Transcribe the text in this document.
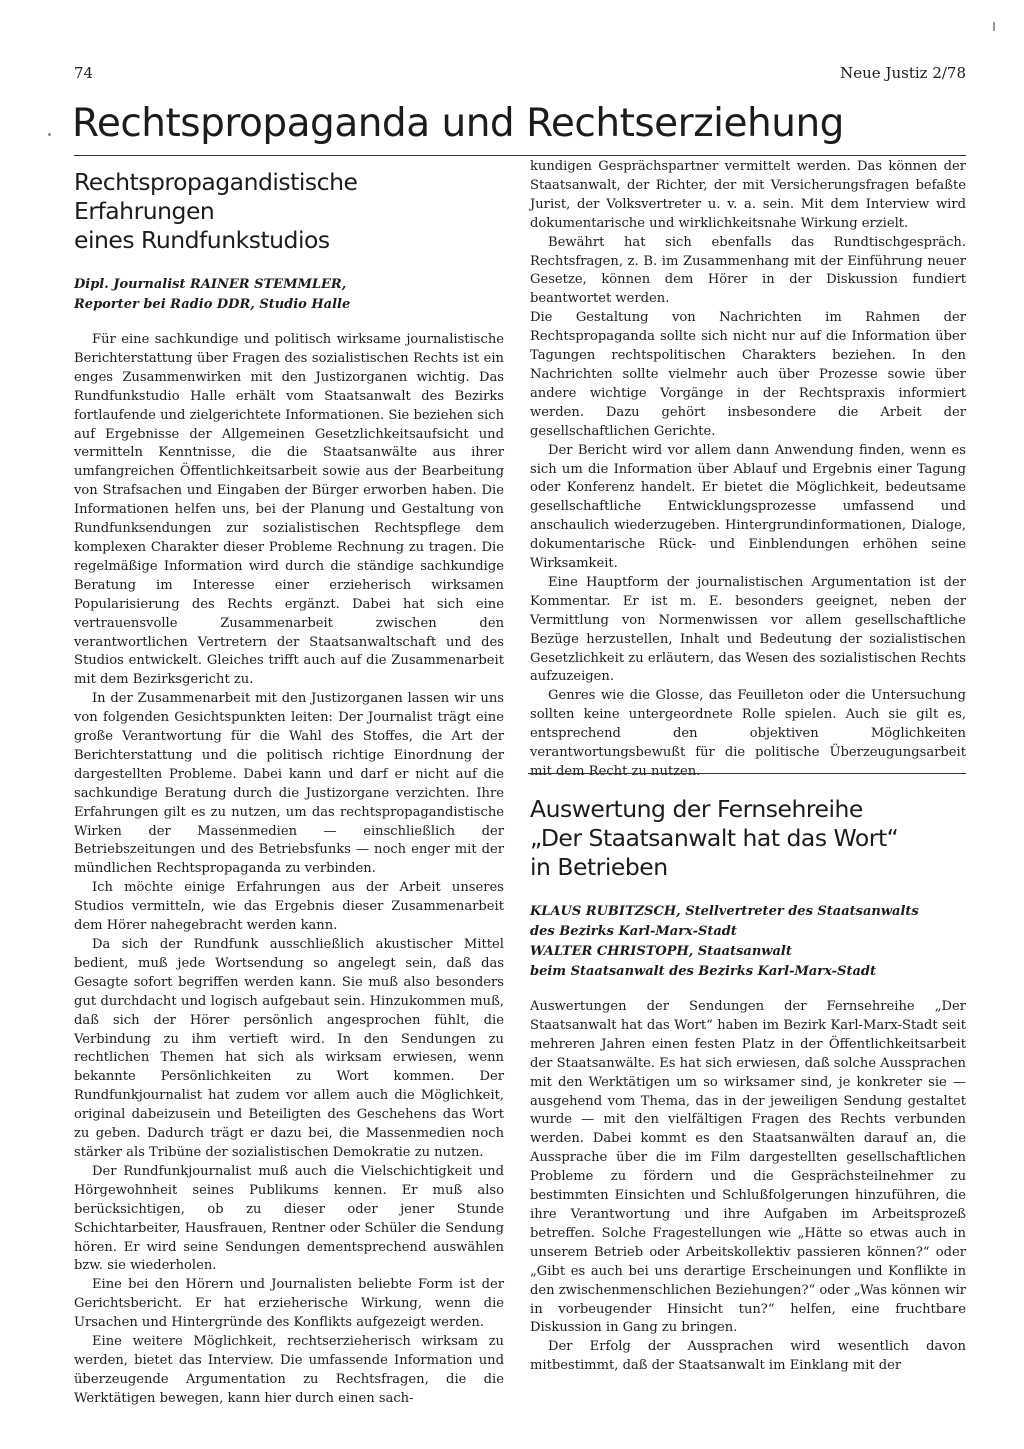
74	Neue Justiz 2/78
Rechtspropaganda und Rechtserziehung
Rechtspropagandistische Erfahrungen
eines Rundfunkstudios
Dipl. Journalist RAINER STEMMLER,
Reporter bei Radio DDR, Studio Halle

Für eine sachkundige und politisch wirksame journalistische Berichterstattung über Fragen des sozialistischen Rechts ist ein enges Zusammenwirken mit den Justizorganen wichtig. Das Rundfunkstudio Halle erhält vom Staatsanwalt des Bezirks fortlaufende und zielgerichtete Informationen. Sie beziehen sich auf Ergebnisse der Allgemeinen Gesetzlichkeitsaufsicht und vermitteln Kenntnisse, die die Staatsanwälte aus ihrer umfangreichen Öffentlichkeitsarbeit sowie aus der Bearbeitung von Strafsachen und Eingaben der Bürger erworben haben. Die Informationen helfen uns, bei der Planung und Gestaltung von Rundfunksendungen zur sozialistischen Rechtspflege dem komplexen Charakter dieser Probleme Rechnung zu tragen. Die regelmäßige Information wird durch die ständige sachkundige Beratung im Interesse einer erzieherisch wirksamen Popularisierung des Rechts ergänzt. Dabei hat sich eine vertrauensvolle Zusammenarbeit zwischen den verantwortlichen Vertretern der Staatsanwaltschaft und des Studios entwickelt. Gleiches trifft auch auf die Zusammenarbeit mit dem Bezirksgericht zu.

In der Zusammenarbeit mit den Justizorganen lassen wir uns von folgenden Gesichtspunkten leiten: Der Journalist trägt eine große Verantwortung für die Wahl des Stoffes, die Art der Berichterstattung und die politisch richtige Einordnung der dargestellten Probleme. Dabei kann und darf er nicht auf die sachkundige Beratung durch die Justizorgane verzichten. Ihre Erfahrungen gilt es zu nutzen, um das rechtspropagandistische Wirken der Massenmedien — einschließlich der Betriebszeitungen und des Betriebsfunks — noch enger mit der mündlichen Rechtspropaganda zu verbinden.

Ich möchte einige Erfahrungen aus der Arbeit unseres Studios vermitteln, wie das Ergebnis dieser Zusammenarbeit dem Hörer nahegebracht werden kann.

Da sich der Rundfunk ausschließlich akustischer Mittel bedient, muß jede Wortsendung so angelegt sein, daß das Gesagte sofort begriffen werden kann. Sie muß also besonders gut durchdacht und logisch aufgebaut sein. Hinzukommen muß, daß sich der Hörer persönlich angesprochen fühlt, die Verbindung zu ihm vertieft wird. In den Sendungen zu rechtlichen Themen hat sich als wirksam erwiesen, wenn bekannte Persönlichkeiten zu Wort kommen. Der Rundfunkjournalist hat zudem vor allem auch die Möglichkeit, original dabeizusein und Beteiligten des Geschehens das Wort zu geben. Dadurch trägt er dazu bei, die Massenmedien noch stärker als Tribüne der sozialistischen Demokratie zu nutzen.

Der Rundfunkjournalist muß auch die Vielschichtigkeit und Hörgewohnheit seines Publikums kennen. Er muß also berücksichtigen, ob zu dieser oder jener Stunde Schichtarbeiter, Hausfrauen, Rentner oder Schüler die Sendung hören. Er wird seine Sendungen dementsprechend auswählen bzw. sie wiederholen.

Eine bei den Hörern und Journalisten beliebte Form ist der Gerichtsbericht. Er hat erzieherische Wirkung, wenn die Ursachen und Hintergründe des Konflikts aufgezeigt werden.

Eine weitere Möglichkeit, rechtserzieherisch wirksam zu werden, bietet das Interview. Die umfassende Information und überzeugende Argumentation zu Rechtsfragen, die die Werktätigen bewegen, kann hier durch einen sach-

kundigen Gesprächspartner vermittelt werden. Das können der Staatsanwalt, der Richter, der mit Versicherungsfragen befaßte Jurist, der Volksvertreter u. v. a. sein. Mit dem Interview wird dokumentarische und wirklichkeitsnahe Wirkung erzielt.

Bewährt hat sich ebenfalls das Rundtischgespräch. Rechtsfragen, z. B. im Zusammenhang mit der Einführung neuer Gesetze, können dem Hörer in der Diskussion fundiert beantwortet werden.

Die Gestaltung von Nachrichten im Rahmen der Rechtspropaganda sollte sich nicht nur auf die Information über Tagungen rechtspolitischen Charakters beziehen. In den Nachrichten sollte vielmehr auch über Prozesse sowie über andere wichtige Vorgänge in der Rechtspraxis informiert werden. Dazu gehört insbesondere die Arbeit der gesellschaftlichen Gerichte.

Der Bericht wird vor allem dann Anwendung finden, wenn es sich um die Information über Ablauf und Ergebnis einer Tagung oder Konferenz handelt. Er bietet die Möglichkeit, bedeutsame gesellschaftliche Entwicklungsprozesse umfassend und anschaulich wiederzugeben. Hintergrundinformationen, Dialoge, dokumentarische Rück- und Einblendungen erhöhen seine Wirksamkeit.

Eine Hauptform der journalistischen Argumentation ist der Kommentar. Er ist m. E. besonders geeignet, neben der Vermittlung von Normenwissen vor allem gesellschaftliche Bezüge herzustellen, Inhalt und Bedeutung der sozialistischen Gesetzlichkeit zu erläutern, das Wesen des sozialistischen Rechts aufzuzeigen.

Genres wie die Glosse, das Feuilleton oder die Untersuchung sollten keine untergeordnete Rolle spielen. Auch sie gilt es, entsprechend den objektiven Möglichkeiten verantwortungsbewußt für die politische Überzeugungsarbeit mit dem Recht zu nutzen.

Auswertung der Fernsehreihe
„Der Staatsanwalt hat das Wort“
in Betrieben
KLAUS RUBITZSCH, Stellvertreter des Staatsanwalts
des Bezirks Karl-Marx-Stadt
WALTER CHRISTOPH, Staatsanwalt
beim Staatsanwalt des Bezirks Karl-Marx-Stadt

Auswertungen der Sendungen der Fernsehreihe „Der Staatsanwalt hat das Wort“ haben im Bezirk Karl-Marx-Stadt seit mehreren Jahren einen festen Platz in der Öffentlichkeitsarbeit der Staatsanwälte. Es hat sich erwiesen, daß solche Aussprachen mit den Werktätigen um so wirksamer sind, je konkreter sie — ausgehend vom Thema, das in der jeweiligen Sendung gestaltet wurde — mit den vielfältigen Fragen des Rechts verbunden werden. Dabei kommt es den Staatsanwälten darauf an, die Aussprache über die im Film dargestellten gesellschaftlichen Probleme zu fördern und die Gesprächsteilnehmer zu bestimmten Einsichten und Schlußfolgerungen hinzuführen, die ihre Verantwortung und ihre Aufgaben im Arbeitsprozeß betreffen. Solche Fragestellungen wie „Hätte so etwas auch in unserem Betrieb oder Arbeitskollektiv passieren können?“ oder „Gibt es auch bei uns derartige Erscheinungen und Konflikte in den zwischenmenschlichen Beziehungen?“ oder „Was können wir in vorbeugender Hinsicht tun?“ helfen, eine fruchtbare Diskussion in Gang zu bringen.

Der Erfolg der Aussprachen wird wesentlich davon mitbestimmt, daß der Staatsanwalt im Einklang mit der
